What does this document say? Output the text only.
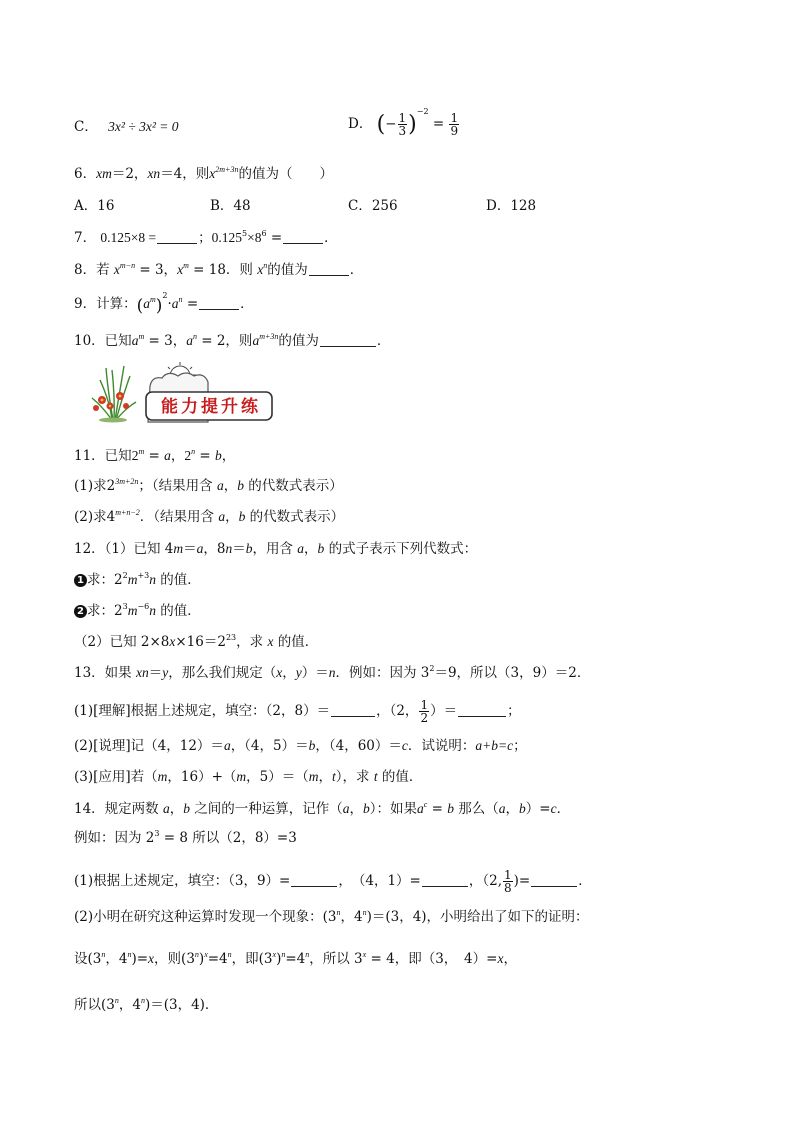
C． 3x² ÷ 3x² = 0	D． (− $\frac{1}{3} )^{-2} = \frac{1}{9}$
6．xm＝2，xn＝4，则$x^{2m+3n}$的值为（　　）
A．16	B．48	C．256	D．128
7． 0.125×8 =	；$0.125^5\times 8^6$ =	．
8．若 $x^{m-n} = 3$，$x^m = 18$．则 $x^n$的值为	．
9．计算：$(a^m)^2\cdot a^n$ =	．
10．已知$a^m = 3$，$a^n = 2$，则$a^{m+3n}$的值为	．
能力提升练
11．已知$2^m = a$，$2^n = b$，
(1)求$2^{3m+2n}$；（结果用含 a，b 的代数式表示）
(2)求$4^{m+n-2}$．（结果用含 a，b 的代数式表示）
12．（1）已知 4m＝a，8n＝b，用含 a，b 的式子表示下列代数式：
1 求：$2^2m^{+3}n$ 的值．
2 求：$2^3m^{-6}n$ 的值．
（2）已知 $2\times 8x\times 16=2^{23}$，求 x 的值．
13．如果 xn＝y，那么我们规定（x，y）＝n．例如：因为 $3^2=9$，所以（3，9）＝2．
(1)[理解]根据上述规定，填空：（2，8）＝	，（2， $\frac{1}{2}$ ）＝	；
(2)[说理]记（4，12）＝a，（4，5）＝b，（4，60）＝c．试说明：a+b=c；
(3)[应用]若（m，16）+（m，5）＝（m，t），求 t 的值．
14．规定两数 a，b 之间的一种运算，记作（a，b）：如果$a^c = b$ 那么（a，b）=c．
例如：因为 $2^3 = 8$ 所以（2，8）=3
(1)根据上述规定，填空：（3，9）=	，　（4，1）=	，（2, $\frac{1}{8}$ )=	．
(2)小明在研究这种运算时发现一个现象：(3$^n$，$4^n)=(3$，4)，小明给出了如下的证明：
设(3$^n$，$4^n)=x$，则$(3^n)^x=4^n$，即$(3^x)^n=4^n$，所以 $3^x = 4$，即（3，　4）=x，
所以(3$^n$，$4^n)=(3$，4)．
